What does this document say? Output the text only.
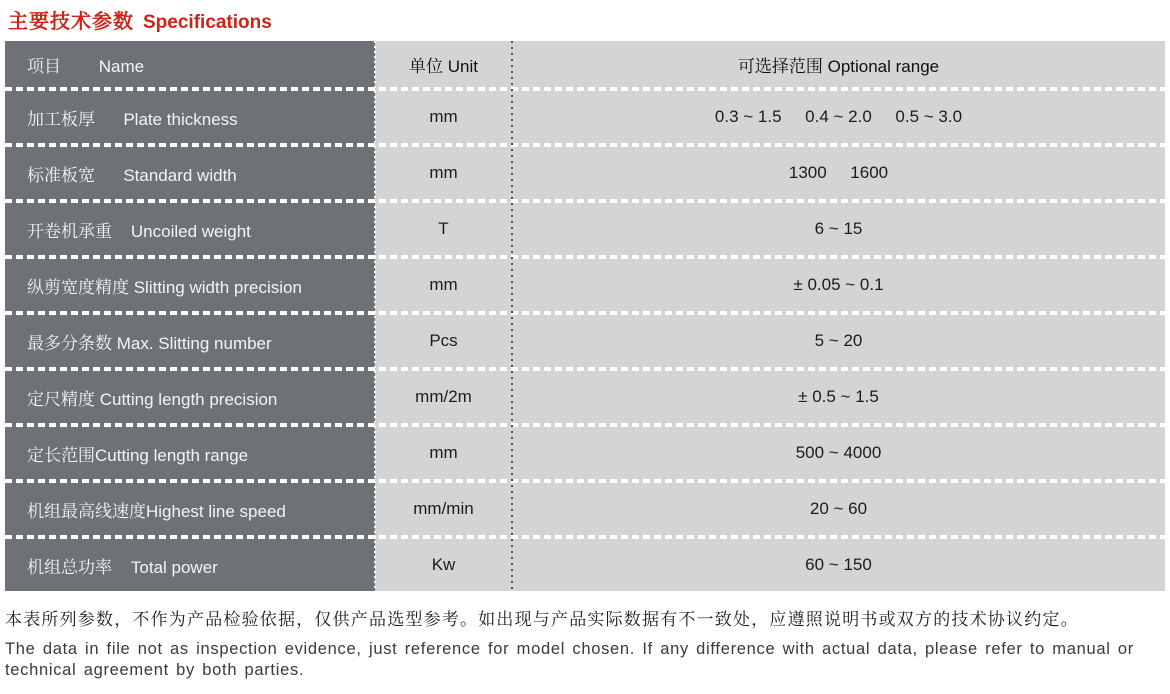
主要技术参数 Specifications
项目        Name	单位 Unit	可选择范围 Optional range
加工板厚      Plate thickness	mm	0.3 ~ 1.5     0.4 ~ 2.0     0.5 ~ 3.0
标准板宽      Standard width	mm	1300     1600
开卷机承重    Uncoiled weight	T	6 ~ 15
纵剪宽度精度 Slitting width precision	mm	± 0.05 ~ 0.1
最多分条数 Max. Slitting number	Pcs	5 ~ 20
定尺精度 Cutting length precision	mm/2m	± 0.5 ~ 1.5
定长范围Cutting length range	mm	500 ~ 4000
机组最高线速度Highest line speed	mm/min	20 ~ 60
机组总功率    Total power	Kw	60 ~ 150
本表所列参数，不作为产品检验依据，仅供产品选型参考。如出现与产品实际数据有不一致处，应遵照说明书或双方的技术协议约定。
The data in file not as inspection evidence, just reference for model chosen. If any difference with actual data, please refer to manual or technical agreement by both parties.
